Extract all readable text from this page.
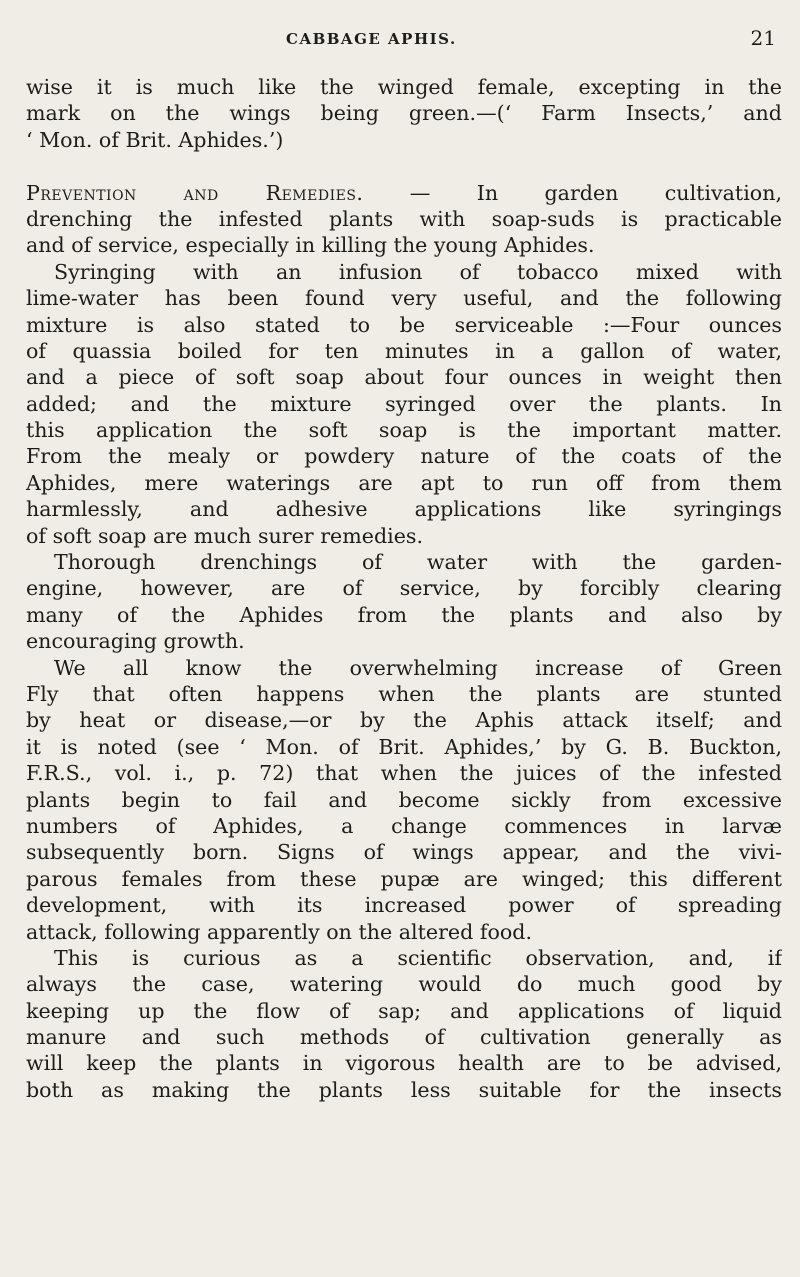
CABBAGE APHIS.	21
wise it is much like the winged female, excepting in the
mark on the wings being green.—(‘ Farm Insects,’ and
‘ Mon. of Brit. Aphides.’)
Prevention and Remedies. — In garden cultivation,
drenching the infested plants with soap-suds is practicable
and of service, especially in killing the young Aphides.
Syringing with an infusion of tobacco mixed with
lime-water has been found very useful, and the following
mixture is also stated to be serviceable :—Four ounces
of quassia boiled for ten minutes in a gallon of water,
and a piece of soft soap about four ounces in weight then
added; and the mixture syringed over the plants. In
this application the soft soap is the important matter.
From the mealy or powdery nature of the coats of the
Aphides, mere waterings are apt to run off from them
harmlessly, and adhesive applications like syringings
of soft soap are much surer remedies.
Thorough drenchings of water with the garden-
engine, however, are of service, by forcibly clearing
many of the Aphides from the plants and also by
encouraging growth.
We all know the overwhelming increase of Green
Fly that often happens when the plants are stunted
by heat or disease,—or by the Aphis attack itself; and
it is noted (see ‘ Mon. of Brit. Aphides,’ by G. B. Buckton,
F.R.S., vol. i., p. 72) that when the juices of the infested
plants begin to fail and become sickly from excessive
numbers of Aphides, a change commences in larvæ
subsequently born. Signs of wings appear, and the vivi-
parous females from these pupæ are winged; this different
development, with its increased power of spreading
attack, following apparently on the altered food.
This is curious as a scientific observation, and, if
always the case, watering would do much good by
keeping up the flow of sap; and applications of liquid
manure and such methods of cultivation generally as
will keep the plants in vigorous health are to be advised,
both as making the plants less suitable for the insects
